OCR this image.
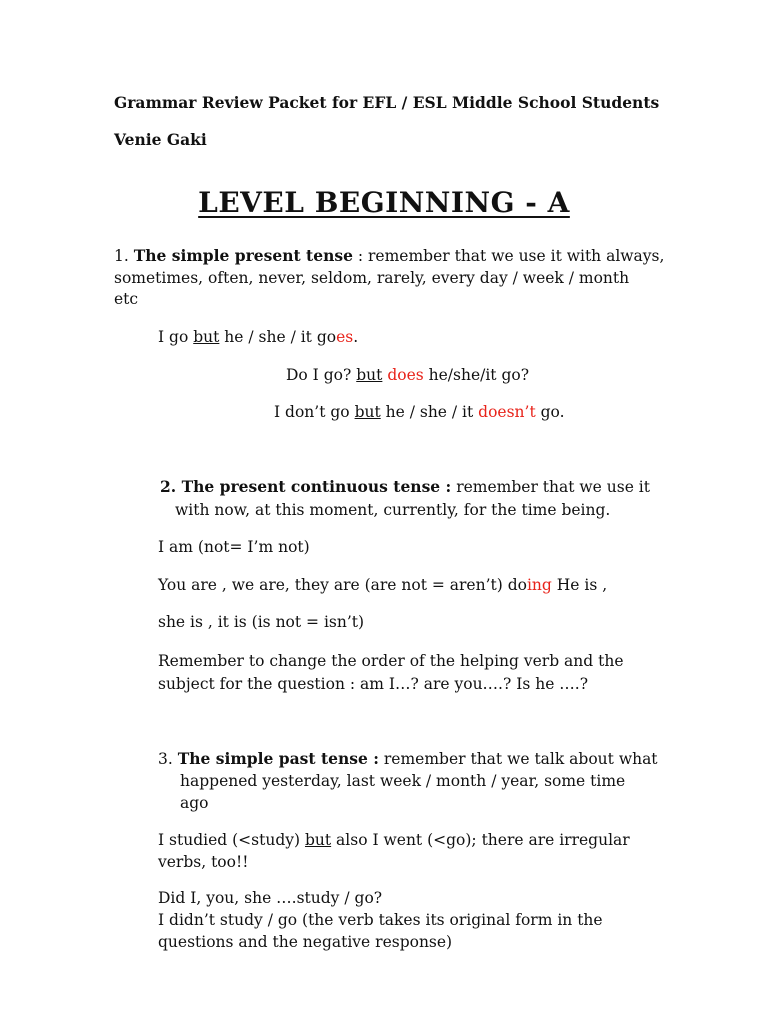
Grammar Review Packet for EFL / ESL Middle School Students
Venie Gaki
LEVEL BEGINNING - A
1. The simple present tense : remember that we use it with always,
sometimes, often, never, seldom, rarely, every day / week / month
etc
I go but he / she / it goes.
Do I go? but does he/she/it go?
I don’t go but he / she / it doesn’t go.
2. The present continuous tense : remember that we use it
with now, at this moment, currently, for the time being.
I am (not= I’m not)
You are , we are, they are (are not = aren’t) doing He is ,
she is , it is (is not = isn’t)
Remember to change the order of the helping verb and the
subject for the question : am I…? are you….? Is he ….?
3. The simple past tense : remember that we talk about what
happened yesterday, last week / month / year, some time
ago
I studied (<study) but also I went (<go); there are irregular
verbs, too!!
Did I, you, she ….study / go?
I didn’t study / go (the verb takes its original form in the
questions and the negative response)
